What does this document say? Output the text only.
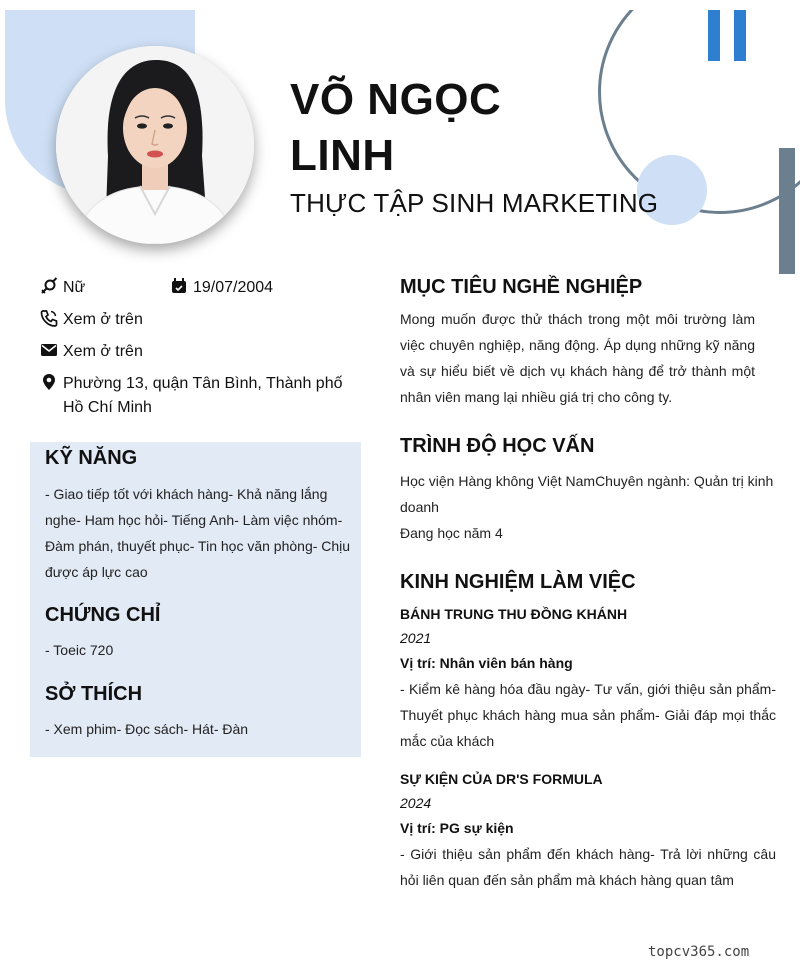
VÕ NGỌC
LINH
THỰC TẬP SINH MARKETING
Nữ	19/07/2004
Xem ở trên
Xem ở trên
Phường 13, quận Tân Bình, Thành phố Hồ Chí Minh
KỸ NĂNG
- Giao tiếp tốt với khách hàng- Khả năng lắng nghe- Ham học hỏi- Tiếng Anh- Làm việc nhóm- Đàm phán, thuyết phục- Tin học văn phòng- Chịu được áp lực cao
CHỨNG CHỈ
- Toeic 720
SỞ THÍCH
- Xem phim- Đọc sách- Hát- Đàn
MỤC TIÊU NGHỀ NGHIỆP
Mong muốn được thử thách trong một môi trường làm việc chuyên nghiệp, năng động. Áp dụng những kỹ năng và sự hiểu biết về dịch vụ khách hàng để trở thành một nhân viên mang lại nhiều giá trị cho công ty.
TRÌNH ĐỘ HỌC VẤN
Học viện Hàng không Việt NamChuyên ngành: Quản trị kinh doanh
Đang học năm 4
KINH NGHIỆM LÀM VIỆC
BÁNH TRUNG THU ĐỒNG KHÁNH
2021
Vị trí: Nhân viên bán hàng
- Kiểm kê hàng hóa đầu ngày- Tư vấn, giới thiệu sản phẩm- Thuyết phục khách hàng mua sản phẩm- Giải đáp mọi thắc mắc của khách
SỰ KIỆN CỦA DR'S FORMULA
2024
Vị trí: PG sự kiện
- Giới thiệu sản phẩm đến khách hàng- Trả lời những câu hỏi liên quan đến sản phẩm mà khách hàng quan tâm
topcv365.com
